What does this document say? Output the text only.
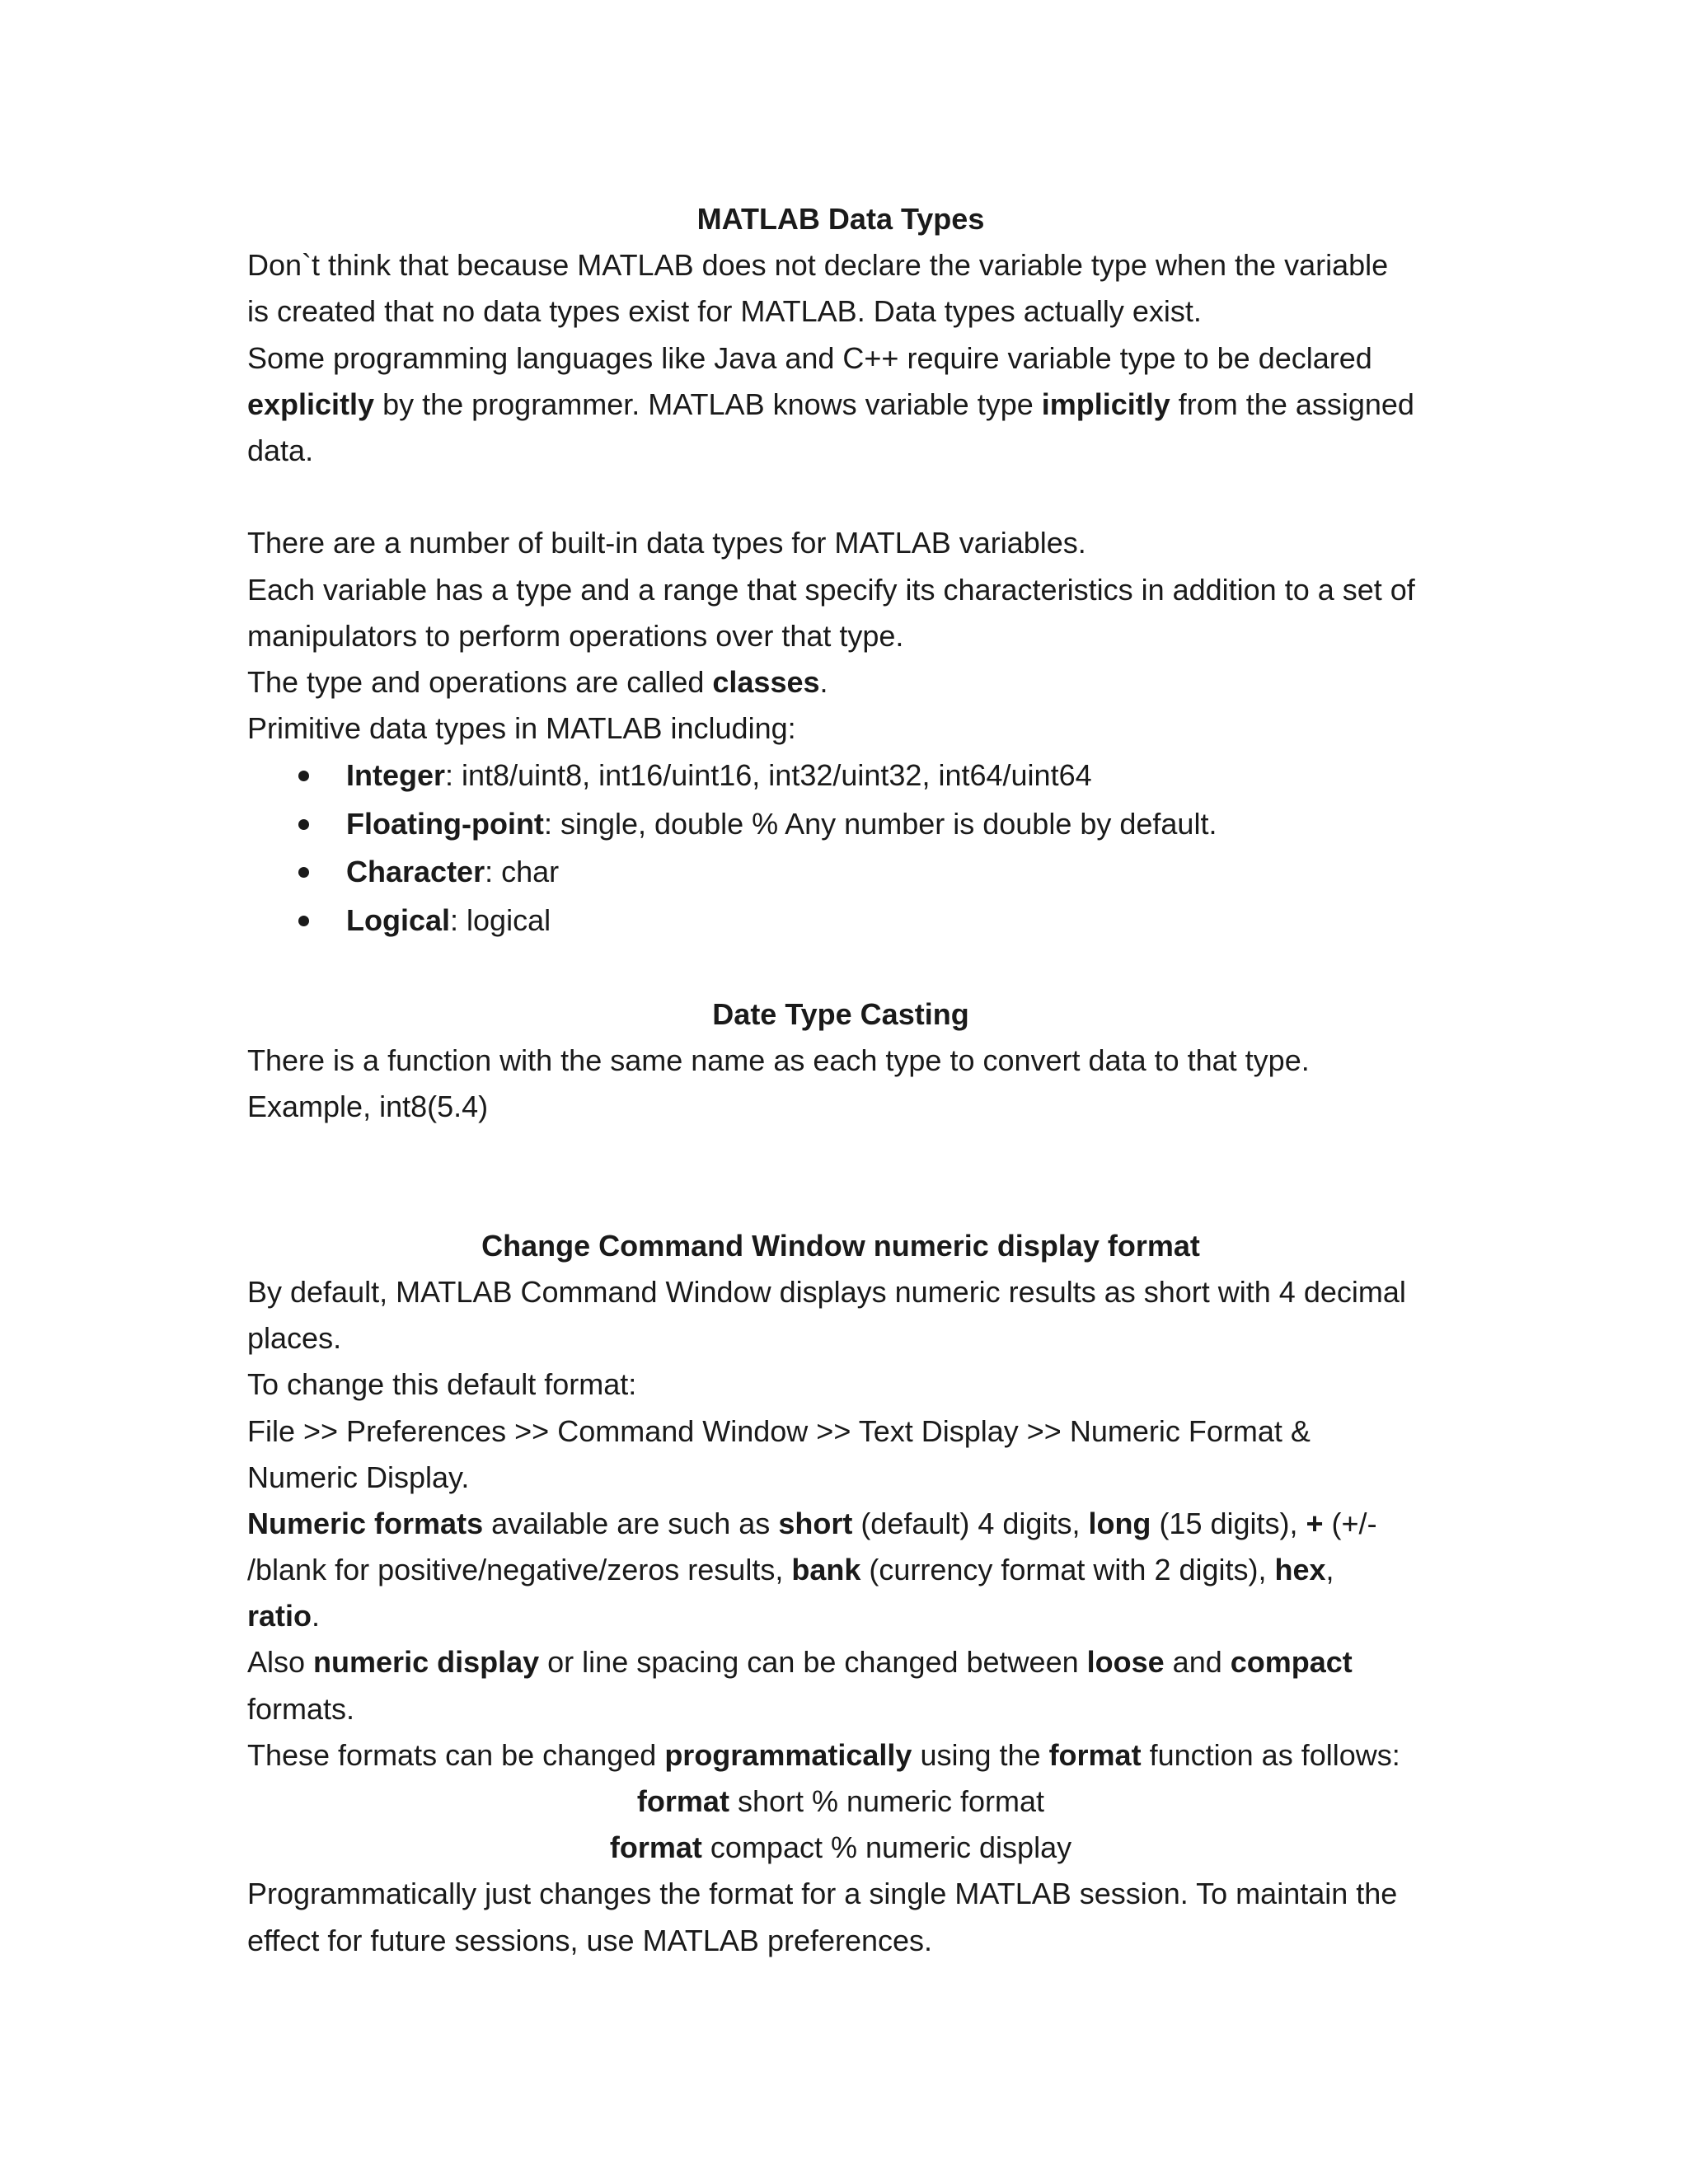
MATLAB Data Types
Don`t think that because MATLAB does not declare the variable type when the variable
is created that no data types exist for MATLAB. Data types actually exist.
Some programming languages like Java and C++ require variable type to be declared
explicitly by the programmer. MATLAB knows variable type implicitly from the assigned
data.
There are a number of built-in data types for MATLAB variables.
Each variable has a type and a range that specify its characteristics in addition to a set of
manipulators to perform operations over that type.
The type and operations are called classes.
Primitive data types in MATLAB including:
Integer: int8/uint8, int16/uint16, int32/uint32, int64/uint64
Floating-point: single, double % Any number is double by default.
Character: char
Logical: logical
Date Type Casting
There is a function with the same name as each type to convert data to that type.
Example, int8(5.4)
Change Command Window numeric display format
By default, MATLAB Command Window displays numeric results as short with 4 decimal
places.
To change this default format:
File >> Preferences >> Command Window >> Text Display >> Numeric Format &
Numeric Display.
Numeric formats available are such as short (default) 4 digits, long (15 digits), + (+/-
/blank for positive/negative/zeros results, bank (currency format with 2 digits), hex,
ratio.
Also numeric display or line spacing can be changed between loose and compact
formats.
These formats can be changed programmatically using the format function as follows:
format short % numeric format
format compact % numeric display
Programmatically just changes the format for a single MATLAB session. To maintain the
effect for future sessions, use MATLAB preferences.
